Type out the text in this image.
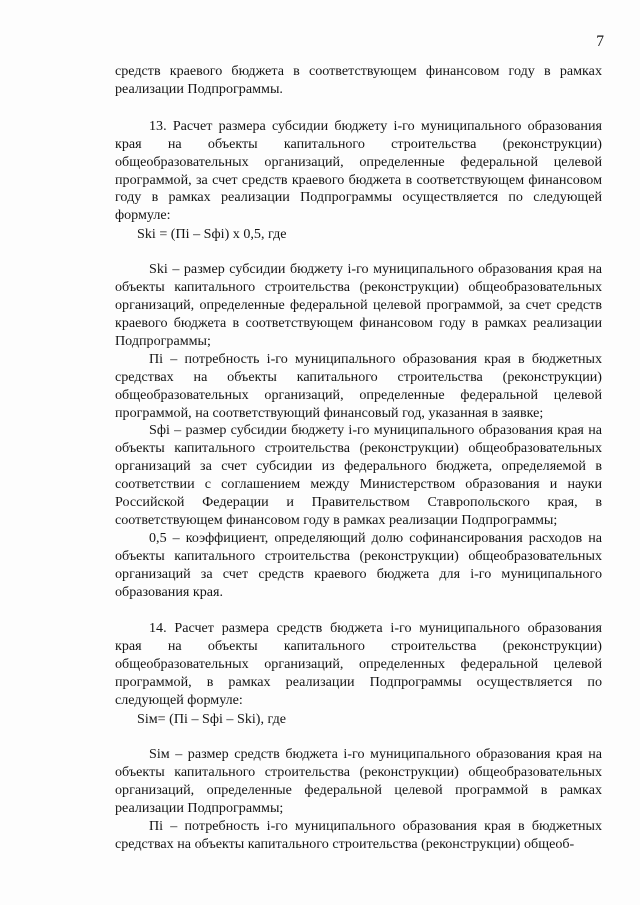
7

средств краевого бюджета в соответствующем финансовом году в рамках реализации Подпрограммы.

13. Расчет размера субсидии бюджету i-го муниципального образования края на объекты капитального строительства (реконструкции) общеобразовательных организаций, определенные федеральной целевой программой, за счет средств краевого бюджета в соответствующем финансовом году в рамках реализации Подпрограммы осуществляется по следующей формуле:

Ski = (Пi – Sфi) x 0,5, где

Ski – размер субсидии бюджету i-го муниципального образования края на объекты капитального строительства (реконструкции) общеобразовательных организаций, определенные федеральной целевой программой, за счет средств краевого бюджета в соответствующем финансовом году в рамках реализации Подпрограммы;

Пi – потребность i-го муниципального образования края в бюджетных средствах на объекты капитального строительства (реконструкции) общеобразовательных организаций, определенные федеральной целевой программой, на соответствующий финансовый год, указанная в заявке;

Sфi – размер субсидии бюджету i-го муниципального образования края на объекты капитального строительства (реконструкции) общеобразовательных организаций за счет субсидии из федерального бюджета, определяемой в соответствии с соглашением между Министерством образования и науки Российской Федерации и Правительством Ставропольского края, в соответствующем финансовом году в рамках реализации Подпрограммы;

0,5 – коэффициент, определяющий долю софинансирования расходов на объекты капитального строительства (реконструкции) общеобразовательных организаций за счет средств краевого бюджета для i-го муниципального образования края.

14. Расчет размера средств бюджета i-го муниципального образования края на объекты капитального строительства (реконструкции) общеобразовательных организаций, определенных федеральной целевой программой, в рамках реализации Подпрограммы осуществляется по следующей формуле:

Siм= (Пi – Sфi – Ski), где

Siм – размер средств бюджета i-го муниципального образования края на объекты капитального строительства (реконструкции) общеобразовательных организаций, определенные федеральной целевой программой в рамках реализации Подпрограммы;

Пi – потребность i-го муниципального образования края в бюджетных средствах на объекты капитального строительства (реконструкции) общеоб-
